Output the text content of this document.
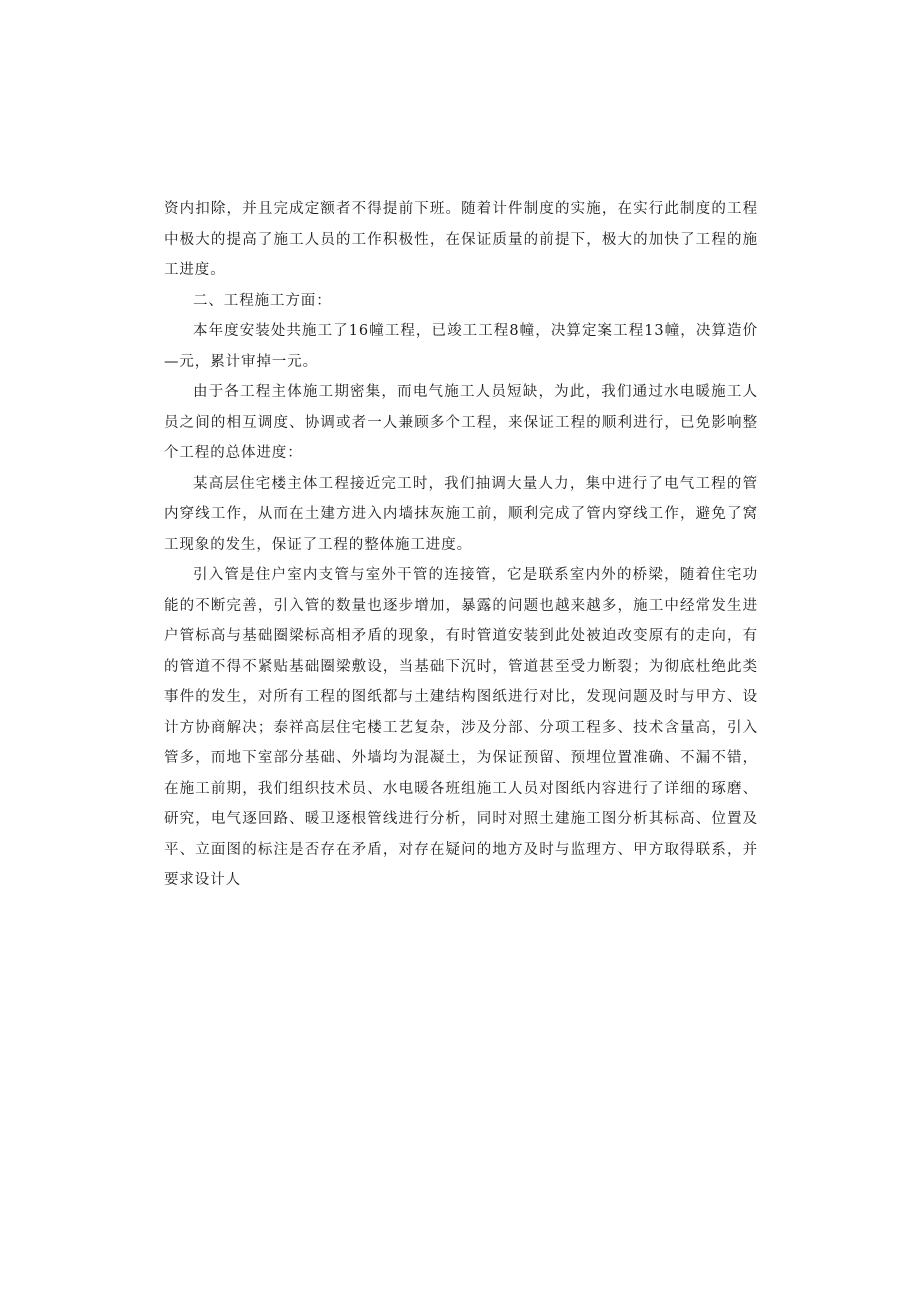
资内扣除，并且完成定额者不得提前下班。随着计件制度的实施，在实行此制度的工程中极大的提高了施工人员的工作积极性，在保证质量的前提下，极大的加快了工程的施工进度。

二、工程施工方面：

本年度安装处共施工了16幢工程，已竣工工程8幢，决算定案工程13幢，决算造价—元，累计审掉一元。

由于各工程主体施工期密集，而电气施工人员短缺，为此，我们通过水电暖施工人员之间的相互调度、协调或者一人兼顾多个工程，来保证工程的顺利进行，已免影响整个工程的总体进度：

某高层住宅楼主体工程接近完工时，我们抽调大量人力，集中进行了电气工程的管内穿线工作，从而在土建方进入内墙抹灰施工前，顺利完成了管内穿线工作，避免了窝工现象的发生，保证了工程的整体施工进度。

引入管是住户室内支管与室外干管的连接管，它是联系室内外的桥梁，随着住宅功能的不断完善，引入管的数量也逐步增加，暴露的问题也越来越多，施工中经常发生进户管标高与基础圈梁标高相矛盾的现象，有时管道安装到此处被迫改变原有的走向，有的管道不得不紧贴基础圈梁敷设，当基础下沉时，管道甚至受力断裂；为彻底杜绝此类事件的发生，对所有工程的图纸都与土建结构图纸进行对比，发现问题及时与甲方、设计方协商解决；泰祥高层住宅楼工艺复杂，涉及分部、分项工程多、技术含量高，引入管多，而地下室部分基础、外墙均为混凝土，为保证预留、预埋位置准确、不漏不错，在施工前期，我们组织技术员、水电暖各班组施工人员对图纸内容进行了详细的琢磨、研究，电气逐回路、暖卫逐根管线进行分析，同时对照土建施工图分析其标高、位置及平、立面图的标注是否存在矛盾，对存在疑问的地方及时与监理方、甲方取得联系，并要求设计人
